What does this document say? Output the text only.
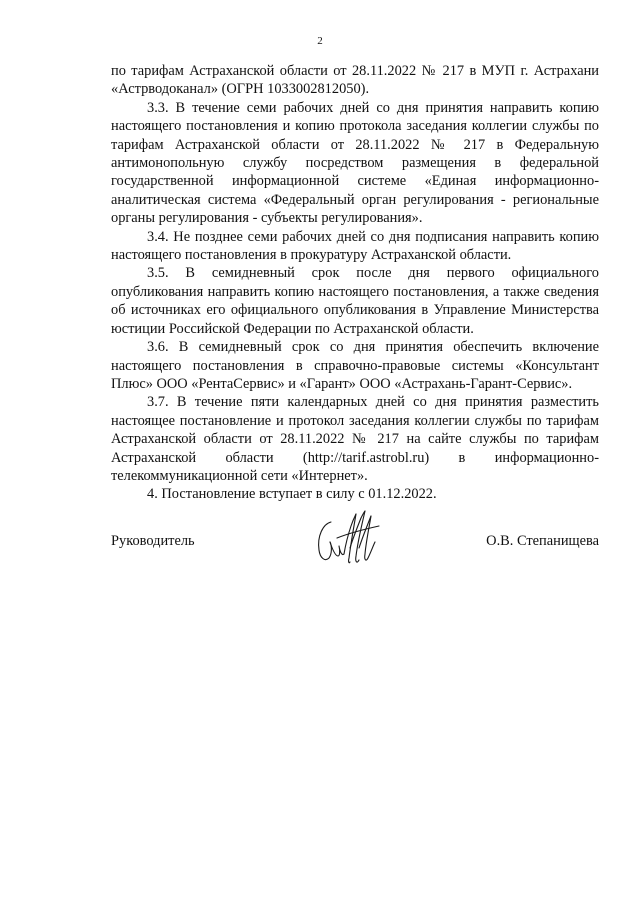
2

по тарифам Астраханской области от 28.11.2022 № 217 в МУП г. Астрахани «Астрводоканал» (ОГРН 1033002812050).

3.3. В течение семи рабочих дней со дня принятия направить копию настоящего постановления и копию протокола заседания коллегии службы по тарифам Астраханской области от 28.11.2022 № 217 в Федеральную антимонопольную службу посредством размещения в федеральной государственной информационной системе «Единая информационно-аналитическая система «Федеральный орган регулирования - региональные органы регулирования - субъекты регулирования».

3.4. Не позднее семи рабочих дней со дня подписания направить копию настоящего постановления в прокуратуру Астраханской области.

3.5. В семидневный срок после дня первого официального опубликования направить копию настоящего постановления, а также сведения об источниках его официального опубликования в Управление Министерства юстиции Российской Федерации по Астраханской области.

3.6. В семидневный срок со дня принятия обеспечить включение настоящего постановления в справочно-правовые системы «Консультант Плюс» ООО «РентаСервис» и «Гарант» ООО «Астрахань-Гарант-Сервис».

3.7. В течение пяти календарных дней со дня принятия разместить настоящее постановление и протокол заседания коллегии службы по тарифам Астраханской области от 28.11.2022 № 217 на сайте службы по тарифам Астраханской области (http://tarif.astrobl.ru) в информационно-телекоммуникационной сети «Интернет».

4. Постановление вступает в силу с 01.12.2022.

Руководитель	О.В. Степанищева
